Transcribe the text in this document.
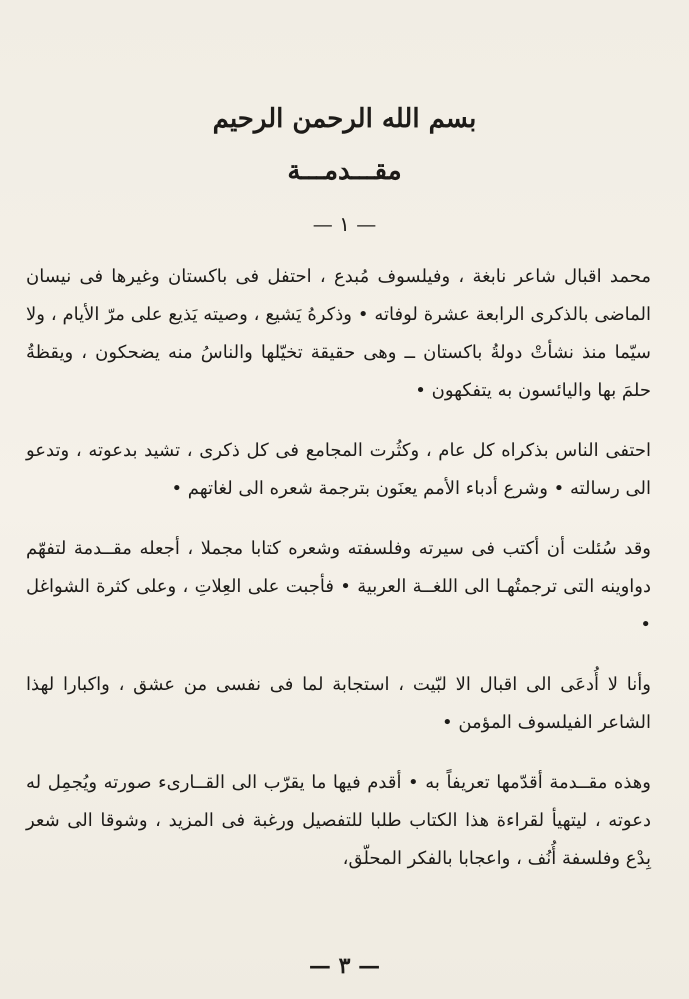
بسم الله الرحمن الرحيم
مقـــدمـــة
— ١ —

محمد اقبال شاعر نابغة ، وفيلسوف مُبدع ، احتفل فى باكستان وغيرها فى نيسان الماضى بالذكرى الرابعة عشرة لوفاته • وذكرهُ يَشيع ، وصيته يَذيع على مرّ الأيام ، ولا سيّما منذ نشأتْ دولةُ باكستان ــ وهى حقيقة تخيّلها والناسُ منه يضحكون ، ويقظةُ حلمَ بها واليائسون به يتفكهون •

احتفى الناس بذكراه كل عام ، وكثُرت المجامع فى كل ذكرى ، تشيد بدعوته ، وتدعو الى رسالته • وشرع أدباء الأمم يعنَون بترجمة شعره الى لغاتهم •

وقد سُئلت أن أكتب فى سيرته وفلسفته وشعره كتابا مجملا ، أجعله مقــدمة لتفهّم دواوينه التى ترجمتُهـا الى اللغــة العربية • فأجبت على العِلاتِ ، وعلى كثرة الشواغل •

وأنا لا أُدعَى الى اقبال الا لبّيت ، استجابة لما فى نفسى من عشق ، واكبارا لهذا الشاعر الفيلسوف المؤمن •

وهذه مقــدمة أقدّمها تعريفاً به • أقدم فيها ما يقرّب الى القــارىء صورته ويُجمِل له دعوته ، ليتهيأ لقراءة هذا الكتاب طلبا للتفصيل ورغبة فى المزيد ، وشوقا الى شعر بِدْع وفلسفة أُنُف ، واعجابا بالفكر المحلّق،

— ٣ —
